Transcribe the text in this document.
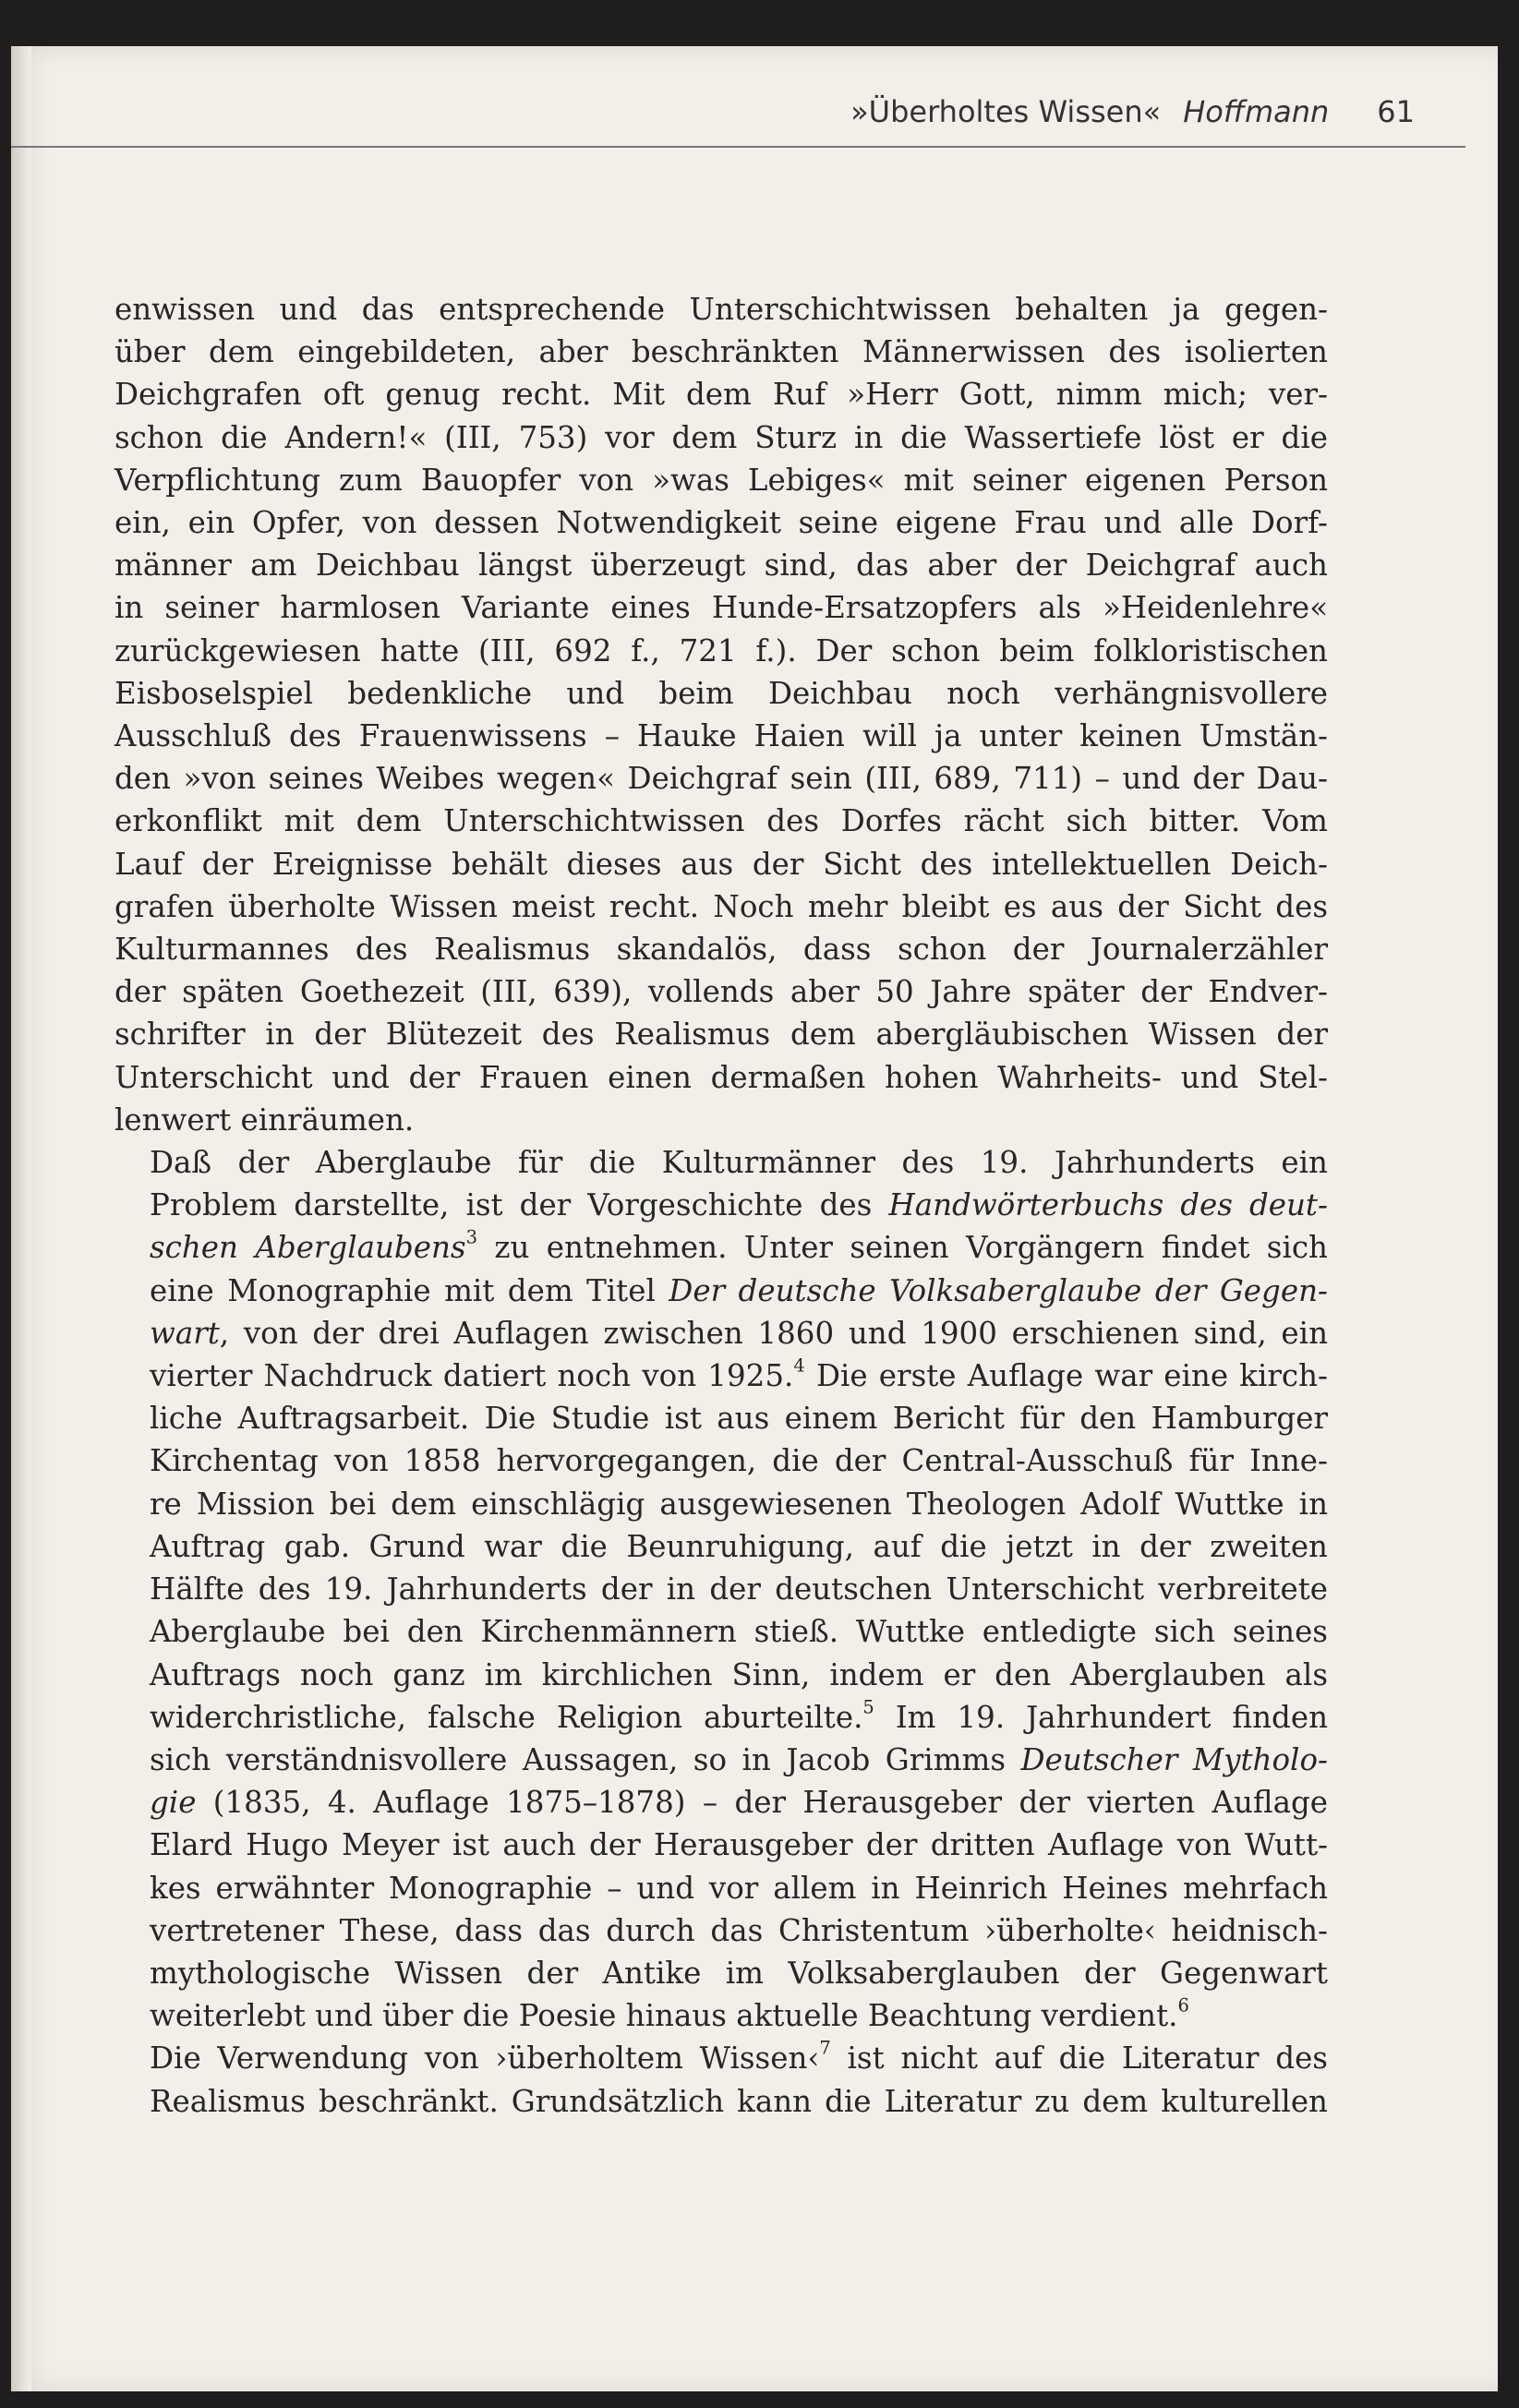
»Überholtes Wissen« Hoffmann 61

enwissen und das entsprechende Unterschichtwissen behalten ja gegen-
über dem eingebildeten, aber beschränkten Männerwissen des isolierten
Deichgrafen oft genug recht. Mit dem Ruf »Herr Gott, nimm mich; ver-
schon die Andern!« (III, 753) vor dem Sturz in die Wassertiefe löst er die
Verpflichtung zum Bauopfer von »was Lebiges« mit seiner eigenen Person
ein, ein Opfer, von dessen Notwendigkeit seine eigene Frau und alle Dorf-
männer am Deichbau längst überzeugt sind, das aber der Deichgraf auch
in seiner harmlosen Variante eines Hunde-Ersatzopfers als »Heidenlehre«
zurückgewiesen hatte (III, 692 f., 721 f.). Der schon beim folkloristischen
Eisboselspiel bedenkliche und beim Deichbau noch verhängnisvollere
Ausschluß des Frauenwissens – Hauke Haien will ja unter keinen Umstän-
den »von seines Weibes wegen« Deichgraf sein (III, 689, 711) – und der Dau-
erkonflikt mit dem Unterschichtwissen des Dorfes rächt sich bitter. Vom
Lauf der Ereignisse behält dieses aus der Sicht des intellektuellen Deich-
grafen überholte Wissen meist recht. Noch mehr bleibt es aus der Sicht des
Kulturmannes des Realismus skandalös, dass schon der Journalerzähler
der späten Goethezeit (III, 639), vollends aber 50 Jahre später der Endver-
schrifter in der Blütezeit des Realismus dem abergläubischen Wissen der
Unterschicht und der Frauen einen dermaßen hohen Wahrheits- und Stel-
lenwert einräumen.

Daß der Aberglaube für die Kulturmänner des 19. Jahrhunderts ein
Problem darstellte, ist der Vorgeschichte des Handwörterbuchs des deut-
schen Aberglaubens$^3$ zu entnehmen. Unter seinen Vorgängern findet sich
eine Monographie mit dem Titel Der deutsche Volksaberglaube der Gegen-
wart, von der drei Auflagen zwischen 1860 und 1900 erschienen sind, ein
vierter Nachdruck datiert noch von 1925.$^4$ Die erste Auflage war eine kirch-
liche Auftragsarbeit. Die Studie ist aus einem Bericht für den Hamburger
Kirchentag von 1858 hervorgegangen, die der Central-Ausschuß für Inne-
re Mission bei dem einschlägig ausgewiesenen Theologen Adolf Wuttke in
Auftrag gab. Grund war die Beunruhigung, auf die jetzt in der zweiten
Hälfte des 19. Jahrhunderts der in der deutschen Unterschicht verbreitete
Aberglaube bei den Kirchenmännern stieß. Wuttke entledigte sich seines
Auftrags noch ganz im kirchlichen Sinn, indem er den Aberglauben als
widerchristliche, falsche Religion aburteilte.$^5$ Im 19. Jahrhundert finden
sich verständnisvollere Aussagen, so in Jacob Grimms Deutscher Mytholo-
gie (1835, 4. Auflage 1875–1878) – der Herausgeber der vierten Auflage
Elard Hugo Meyer ist auch der Herausgeber der dritten Auflage von Wutt-
kes erwähnter Monographie – und vor allem in Heinrich Heines mehrfach
vertretener These, dass das durch das Christentum ›überholte‹ heidnisch-
mythologische Wissen der Antike im Volksaberglauben der Gegenwart
weiterlebt und über die Poesie hinaus aktuelle Beachtung verdient.$^6$

Die Verwendung von ›überholtem Wissen‹$^7$ ist nicht auf die Literatur des
Realismus beschränkt. Grundsätzlich kann die Literatur zu dem kulturellen
